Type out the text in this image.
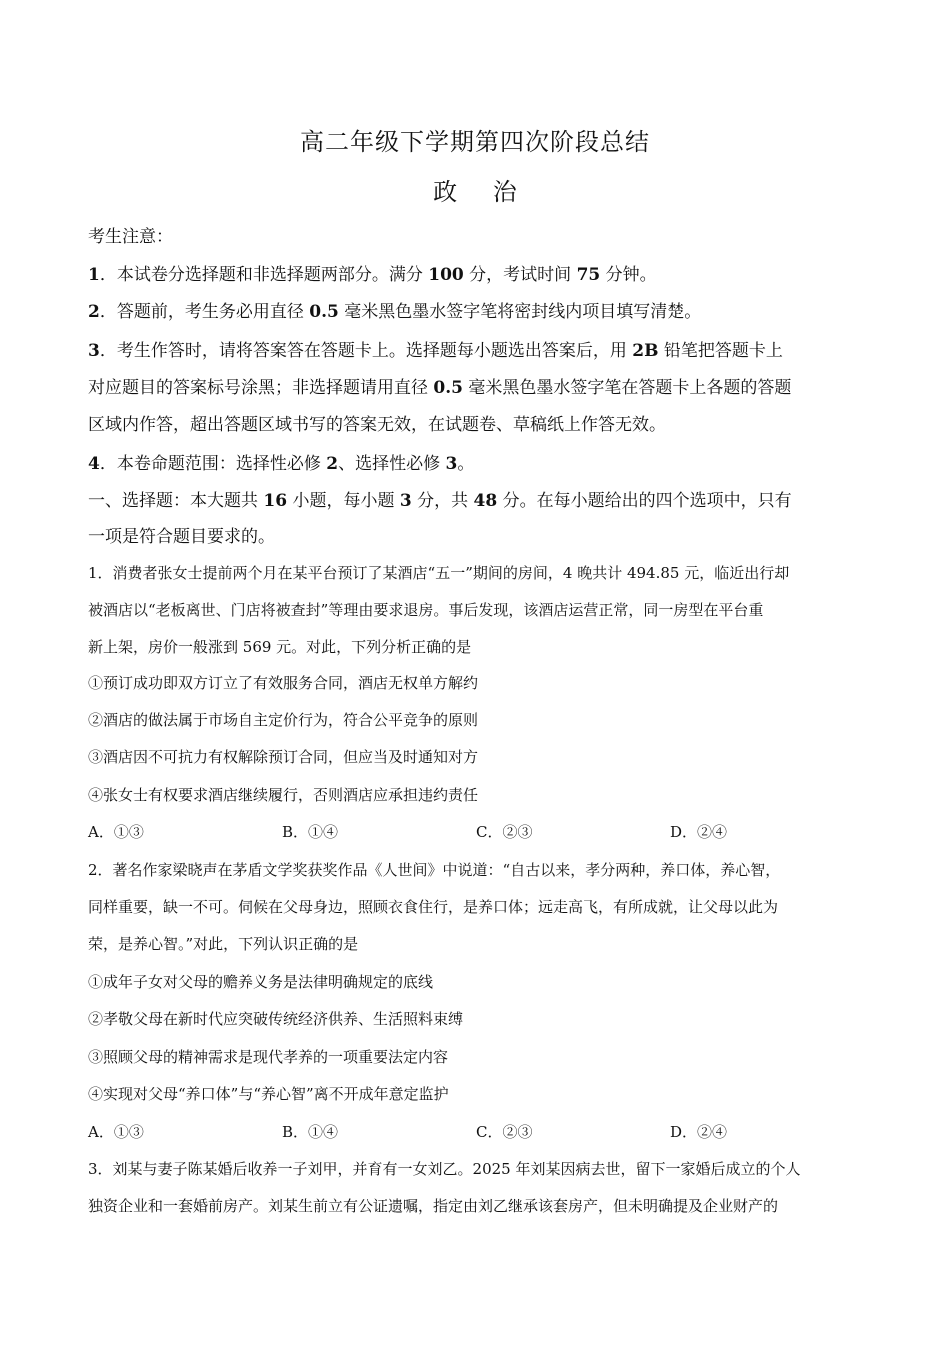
高二年级下学期第四次阶段总结
政 治
考生注意：
1．本试卷分选择题和非选择题两部分。满分 100 分，考试时间 75 分钟。
2．答题前，考生务必用直径 0.5 毫米黑色墨水签字笔将密封线内项目填写清楚。
3．考生作答时，请将答案答在答题卡上。选择题每小题选出答案后，用 2B 铅笔把答题卡上
对应题目的答案标号涂黑；非选择题请用直径 0.5 毫米黑色墨水签字笔在答题卡上各题的答题
区域内作答，超出答题区域书写的答案无效，在试题卷、草稿纸上作答无效。
4．本卷命题范围：选择性必修 2、选择性必修 3。
一、选择题：本大题共 16 小题，每小题 3 分，共 48 分。在每小题给出的四个选项中，只有
一项是符合题目要求的。
1．消费者张女士提前两个月在某平台预订了某酒店“五一”期间的房间，4 晚共计 494.85 元，临近出行却
被酒店以“老板离世、门店将被查封”等理由要求退房。事后发现，该酒店运营正常，同一房型在平台重
新上架，房价一般涨到 569 元。对此，下列分析正确的是
①预订成功即双方订立了有效服务合同，酒店无权单方解约
②酒店的做法属于市场自主定价行为，符合公平竞争的原则
③酒店因不可抗力有权解除预订合同，但应当及时通知对方
④张女士有权要求酒店继续履行，否则酒店应承担违约责任
A．①③	B．①④	C．②③	D．②④
2．著名作家梁晓声在茅盾文学奖获奖作品《人世间》中说道：“自古以来，孝分两种，养口体，养心智，
同样重要，缺一不可。伺候在父母身边，照顾衣食住行，是养口体；远走高飞，有所成就，让父母以此为
荣，是养心智。”对此，下列认识正确的是
①成年子女对父母的赡养义务是法律明确规定的底线
②孝敬父母在新时代应突破传统经济供养、生活照料束缚
③照顾父母的精神需求是现代孝养的一项重要法定内容
④实现对父母“养口体”与“养心智”离不开成年意定监护
A．①③	B．①④	C．②③	D．②④
3．刘某与妻子陈某婚后收养一子刘甲，并育有一女刘乙。2025 年刘某因病去世，留下一家婚后成立的个人
独资企业和一套婚前房产。刘某生前立有公证遗嘱，指定由刘乙继承该套房产，但未明确提及企业财产的
